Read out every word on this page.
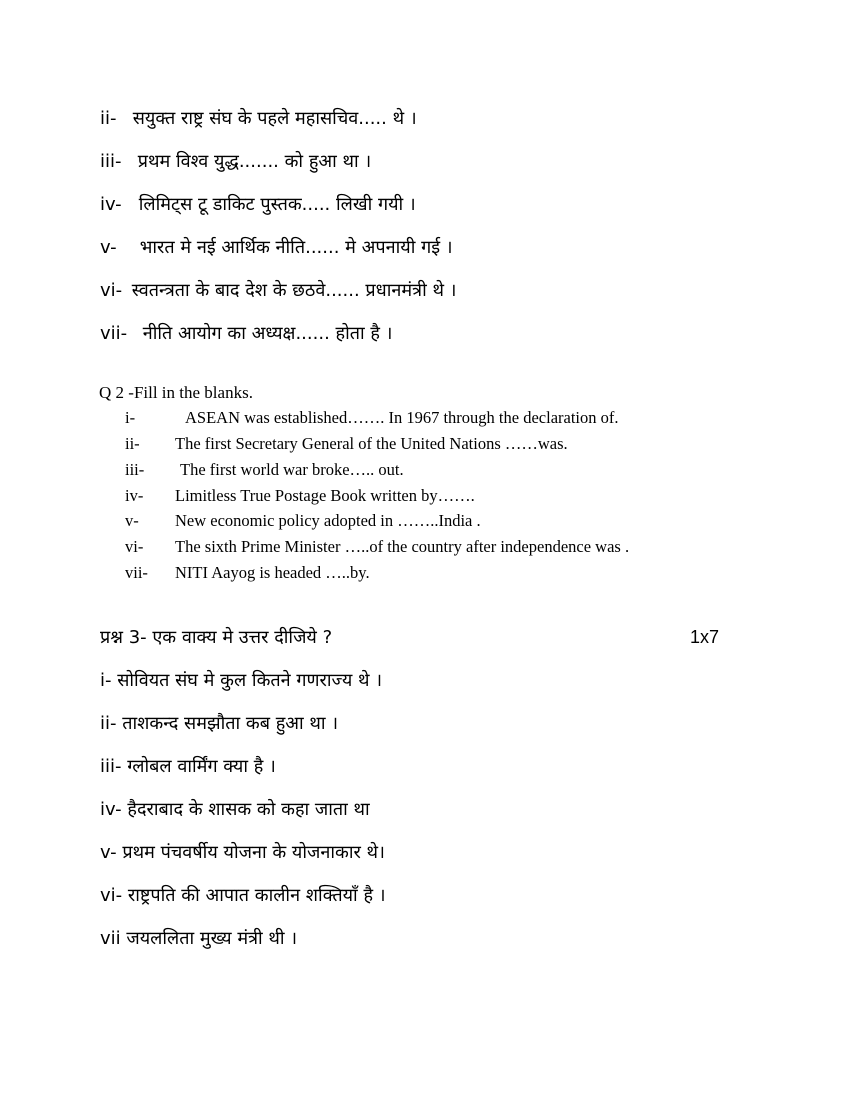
ii- सयुक्त राष्ट्र संघ के पहले महासचिव..... थे ।
iii- प्रथम विश्व युद्ध....... को हुआ था ।
iv- लिमिट्स टू डाकिट पुस्तक..... लिखी गयी ।
v- भारत मे नई आर्थिक नीति...... मे अपनायी गई ।
vi- स्वतन्त्रता के बाद देश के छठवे...... प्रधानमंत्री थे ।
vii- नीति आयोग का अध्यक्ष...... होता है ।
Q 2 -Fill in the blanks.
i-	ASEAN was established……. In 1967 through the declaration of.
ii- The first Secretary General of the United Nations ……was.
iii- The first world war broke….. out.
iv- Limitless True Postage Book written by…….
v- New economic policy adopted in ……..India .
vi- The sixth Prime Minister …..of the country after independence was .
vii- NITI Aayog is headed …..by.
प्रश्न 3- एक वाक्य मे उत्तर दीजिये ?	1x7
i- सोवियत संघ मे कुल कितने गणराज्य थे ।
ii- ताशकन्द समझौता कब हुआ था ।
iii- ग्लोबल वार्मिंग क्या है ।
iv- हैदराबाद के शासक को कहा जाता था
v- प्रथम पंचवर्षीय योजना के योजनाकार थे।
vi- राष्ट्रपति की आपात कालीन शक्तियाँ है ।
vii जयललिता मुख्य मंत्री थी ।
